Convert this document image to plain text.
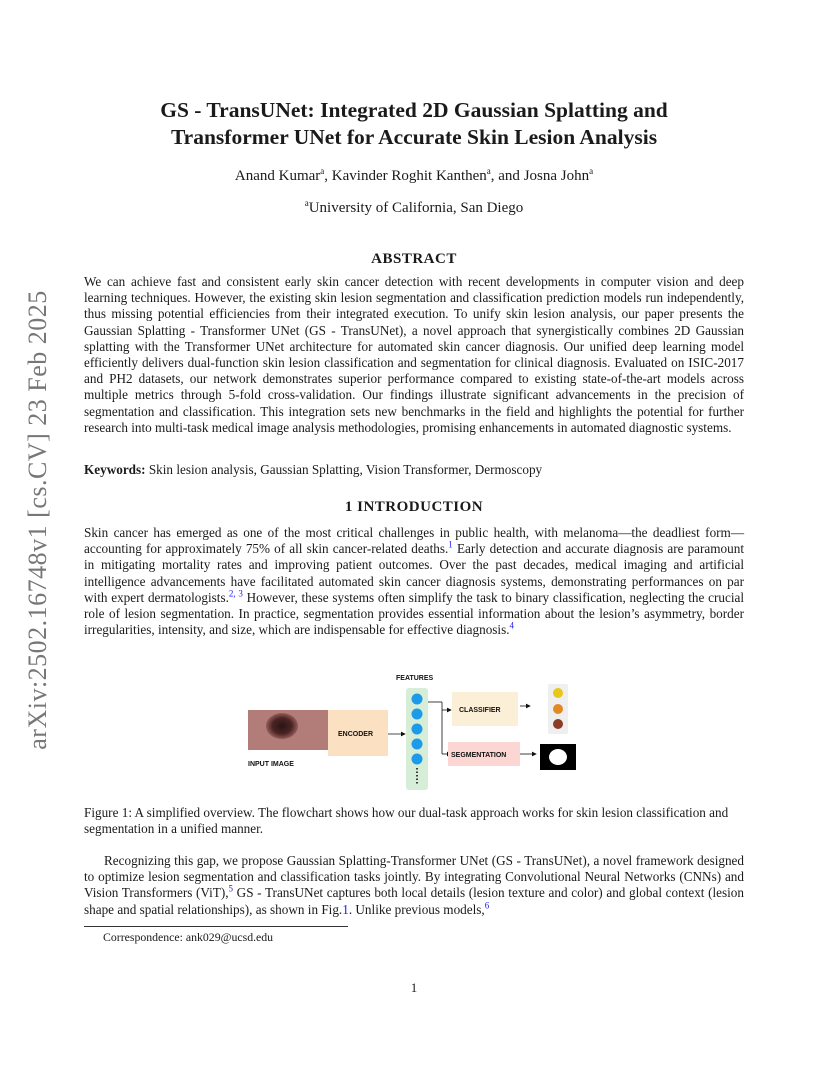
arXiv:2502.16748v1 [cs.CV] 23 Feb 2025
GS - TransUNet: Integrated 2D Gaussian Splatting and
Transformer UNet for Accurate Skin Lesion Analysis
Anand Kumar$^a$, Kavinder Roghit Kanthen$^a$, and Josna John$^a$
$^a$University of California, San Diego
ABSTRACT
We can achieve fast and consistent early skin cancer detection with recent developments in computer vision and deep learning techniques. However, the existing skin lesion segmentation and classification prediction models run independently, thus missing potential efficiencies from their integrated execution. To unify skin lesion analysis, our paper presents the Gaussian Splatting - Transformer UNet (GS - TransUNet), a novel approach that synergistically combines 2D Gaussian splatting with the Transformer UNet architecture for automated skin cancer diagnosis. Our unified deep learning model efficiently delivers dual-function skin lesion classification and segmentation for clinical diagnosis. Evaluated on ISIC-2017 and PH2 datasets, our network demonstrates superior performance compared to existing state-of-the-art models across multiple metrics through 5-fold cross-validation. Our findings illustrate significant advancements in the precision of segmentation and classification. This integration sets new benchmarks in the field and highlights the potential for further research into multi-task medical image analysis methodologies, promising enhancements in automated diagnostic systems.
Keywords: Skin lesion analysis, Gaussian Splatting, Vision Transformer, Dermoscopy
1 INTRODUCTION
Skin cancer has emerged as one of the most critical challenges in public health, with melanoma—the deadliest form—accounting for approximately 75% of all skin cancer-related deaths.$^1$ Early detection and accurate diagnosis are paramount in mitigating mortality rates and improving patient outcomes. Over the past decades, medical imaging and artificial intelligence advancements have facilitated automated skin cancer diagnosis systems, demonstrating performances on par with expert dermatologists.$^{2, 3}$ However, these systems often simplify the task to binary classification, neglecting the crucial role of lesion segmentation. In practice, segmentation provides essential information about the lesion’s asymmetry, border irregularities, intensity, and size, which are indispensable for effective diagnosis.$^4$
INPUT IMAGE
ENCODER
FEATURES
CLASSIFIER
SEGMENTATION
Figure 1: A simplified overview. The flowchart shows how our dual-task approach works for skin lesion classification and segmentation in a unified manner.
Recognizing this gap, we propose Gaussian Splatting-Transformer UNet (GS - TransUNet), a novel framework designed to optimize lesion segmentation and classification tasks jointly. By integrating Convolutional Neural Networks (CNNs) and Vision Transformers (ViT),$^5$ GS - TransUNet captures both local details (lesion texture and color) and global context (lesion shape and spatial relationships), as shown in Fig.1. Unlike previous models,$^6$
Correspondence: ank029@ucsd.edu
1
